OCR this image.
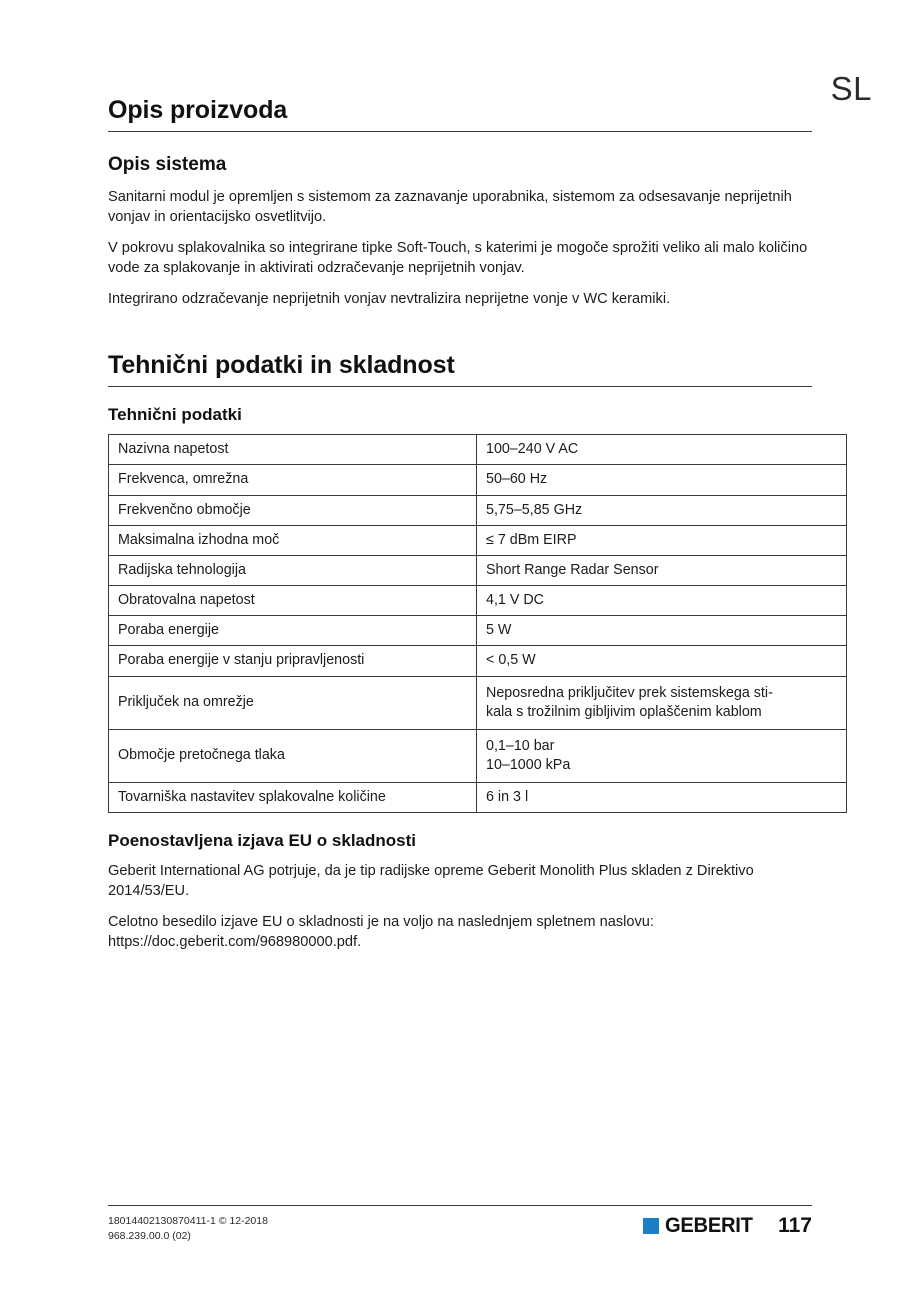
SL
Opis proizvoda
Opis sistema

Sanitarni modul je opremljen s sistemom za zaznavanje uporabnika, sistemom za odsesavanje neprijetnih vonjav in orientacijsko osvetlitvijo.

V pokrovu splakovalnika so integrirane tipke Soft-Touch, s katerimi je mogoče sprožiti veliko ali malo količino vode za splakovanje in aktivirati odzračevanje neprijetnih vonjav.

Integrirano odzračevanje neprijetnih vonjav nevtralizira neprijetne vonje v WC keramiki.

Tehnični podatki in skladnost
Tehnični podatki
Nazivna napetost	100–240 V AC

Frekvenca, omrežna	50–60 Hz

Frekvenčno območje	5,75–5,85 GHz

Maksimalna izhodna moč	≤ 7 dBm EIRP

Radijska tehnologija	Short Range Radar Sensor

Obratovalna napetost	4,1 V DC

Poraba energije	5 W

Poraba energije v stanju pripravljenosti	< 0,5 W

Priključek na omrežje	Neposredna priključitev prek sistemskega sti-
kala s trožilnim gibljivim oplaščenim kablom

Območje pretočnega tlaka	0,1–10 bar
10–1000 kPa

Tovarniška nastavitev splakovalne količine	6 in 3 l
Poenostavljena izjava EU o skladnosti

Geberit International AG potrjuje, da je tip radijske opreme Geberit Monolith Plus skladen z Direktivo 2014/53/EU.

Celotno besedilo izjave EU o skladnosti je na voljo na naslednjem spletnem naslovu: https://doc.geberit.com/968980000.pdf.

18014402130870411-1 © 12-2018
968.239.00.0 (02)	GEBERIT 117
